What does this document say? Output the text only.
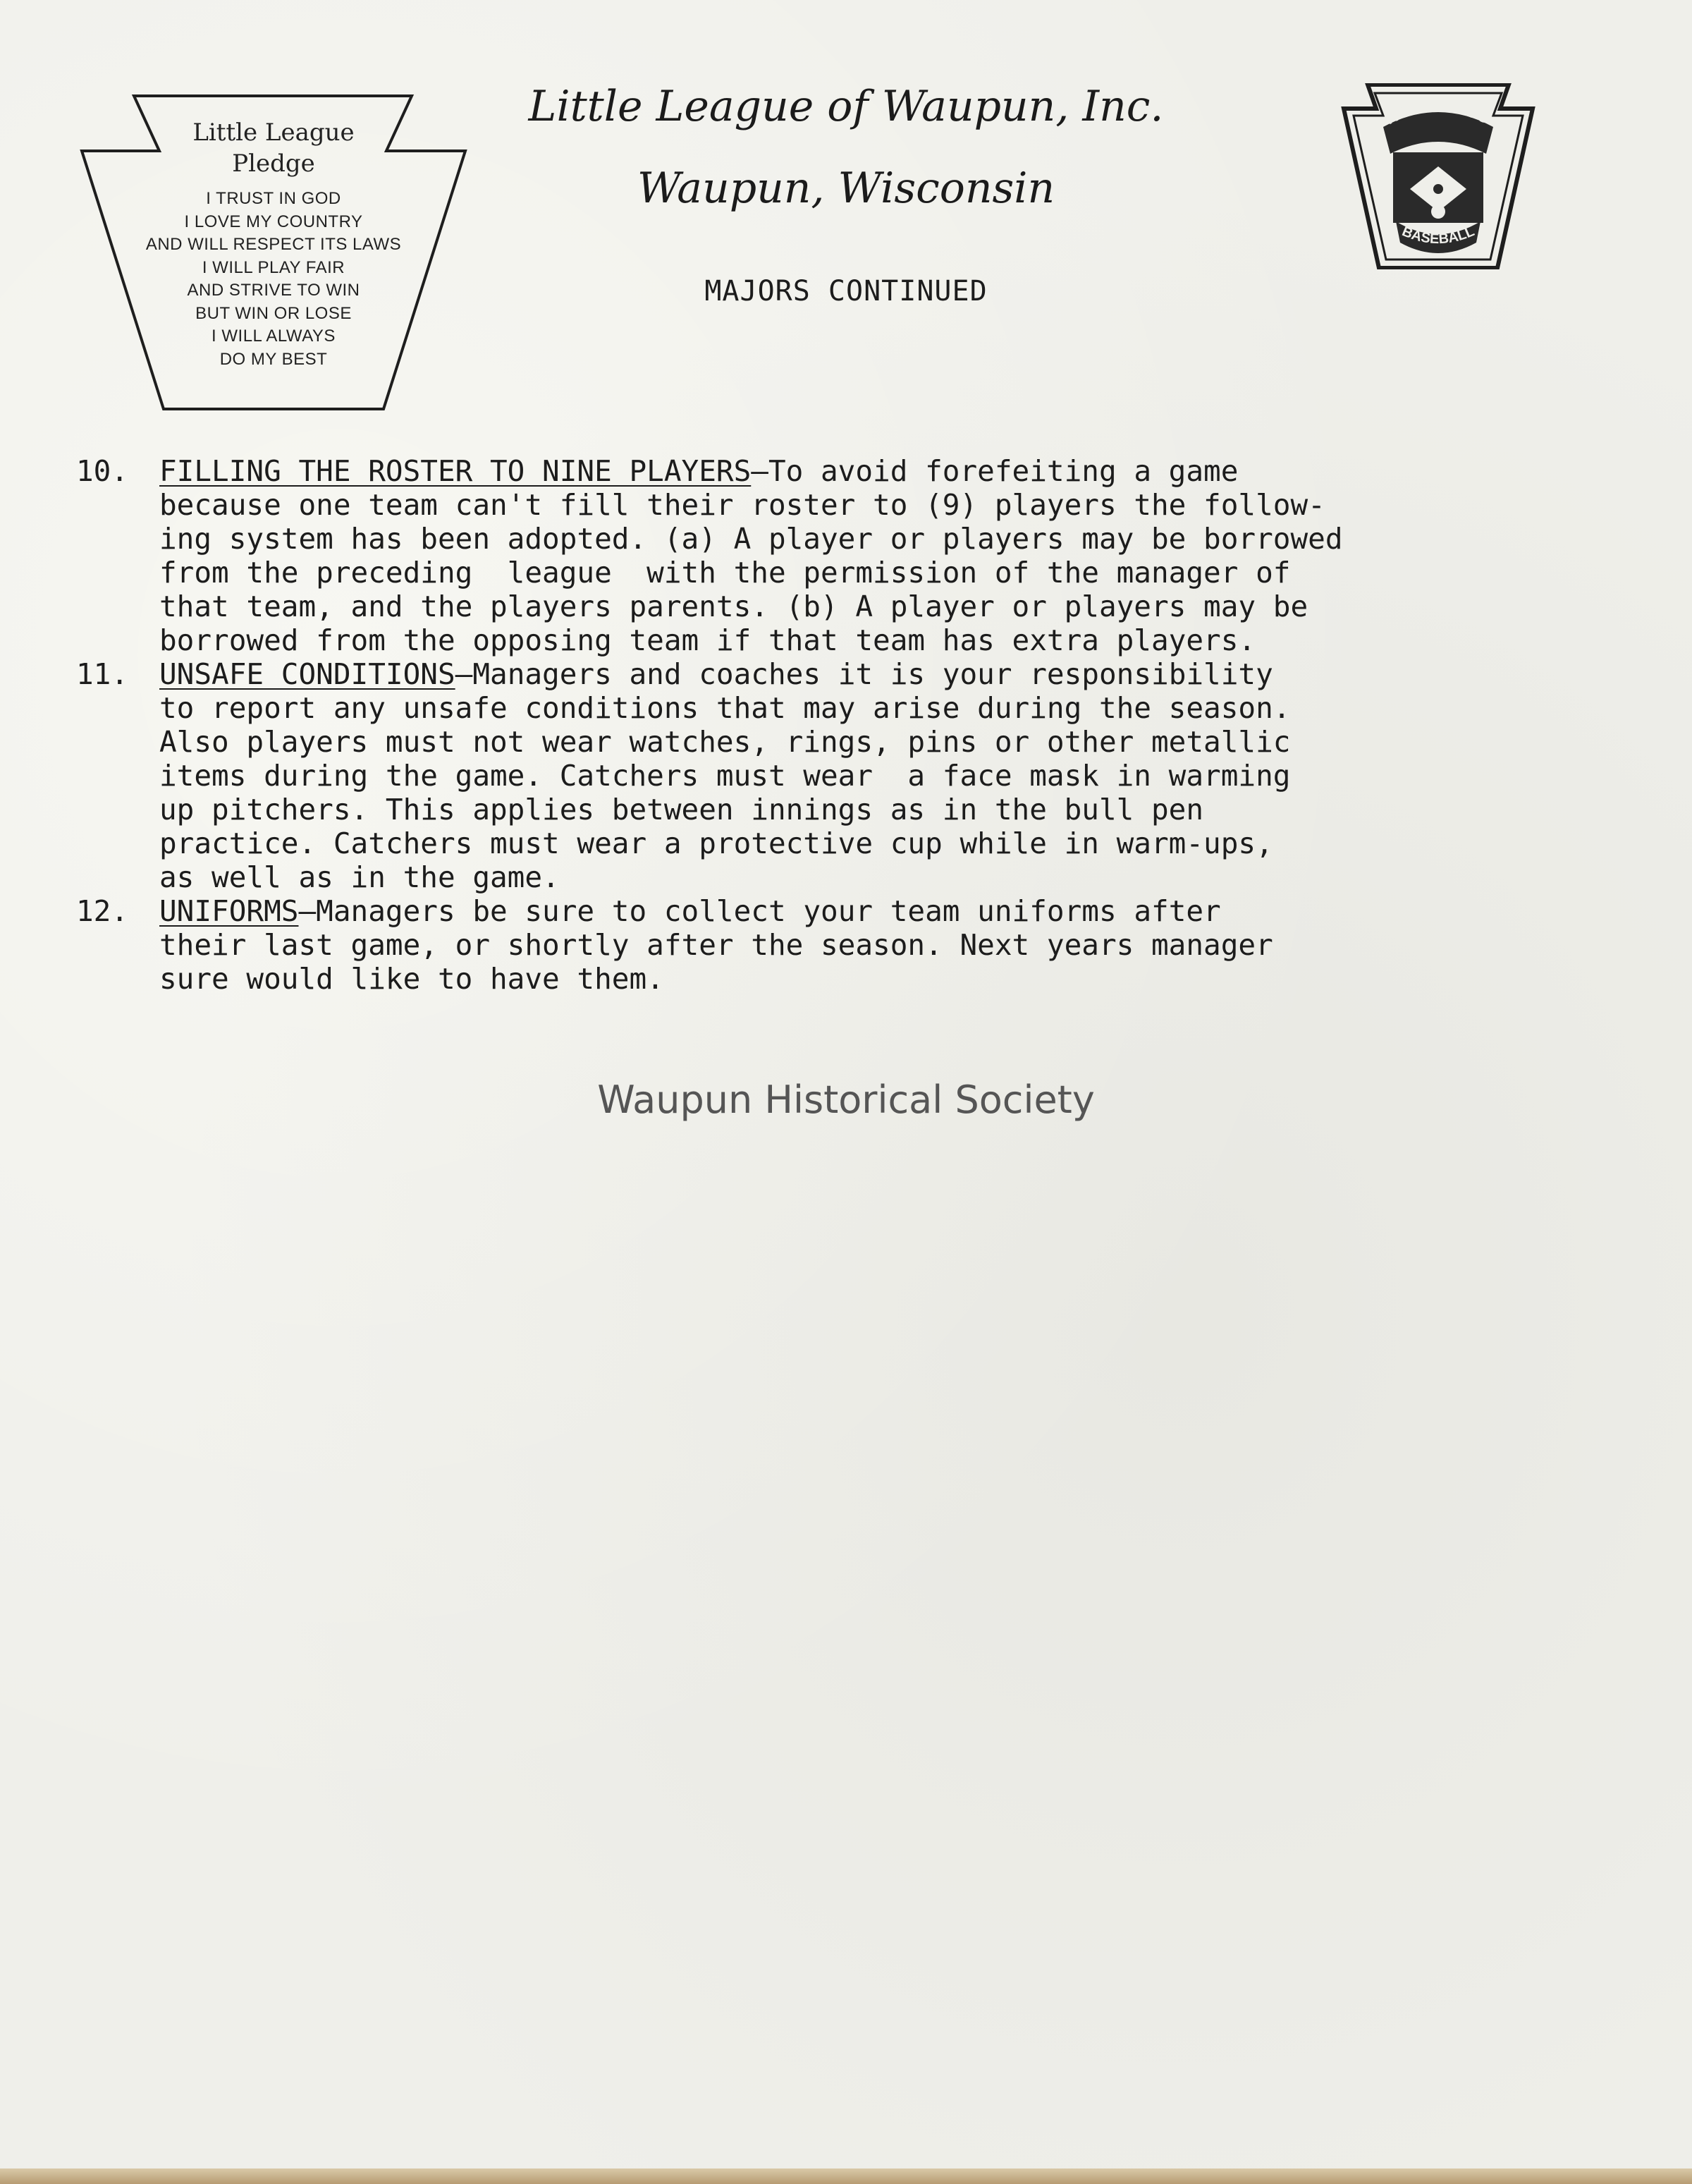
Little League
Pledge
I TRUST IN GOD
I LOVE MY COUNTRY
AND WILL RESPECT ITS LAWS
I WILL PLAY FAIR
AND STRIVE TO WIN
BUT WIN OR LOSE
I WILL ALWAYS
DO MY BEST
Little League of Waupun, Inc.
Waupun, Wisconsin
MAJORS CONTINUED
ITTLE LEAGU
BASEBALL
10. FILLING THE ROSTER TO NINE PLAYERS—To avoid forefeiting a game
because one team can't fill their roster to (9) players the follow-
ing system has been adopted. (a) A player or players may be borrowed
from the preceding  league  with the permission of the manager of
that team, and the players parents. (b) A player or players may be
borrowed from the opposing team if that team has extra players.
11. UNSAFE CONDITIONS—Managers and coaches it is your responsibility
to report any unsafe conditions that may arise during the season.
Also players must not wear watches, rings, pins or other metallic
items during the game. Catchers must wear  a face mask in warming
up pitchers. This applies between innings as in the bull pen
practice. Catchers must wear a protective cup while in warm-ups,
as well as in the game.
12. UNIFORMS—Managers be sure to collect your team uniforms after
their last game, or shortly after the season. Next years manager
sure would like to have them.
Waupun Historical Society
